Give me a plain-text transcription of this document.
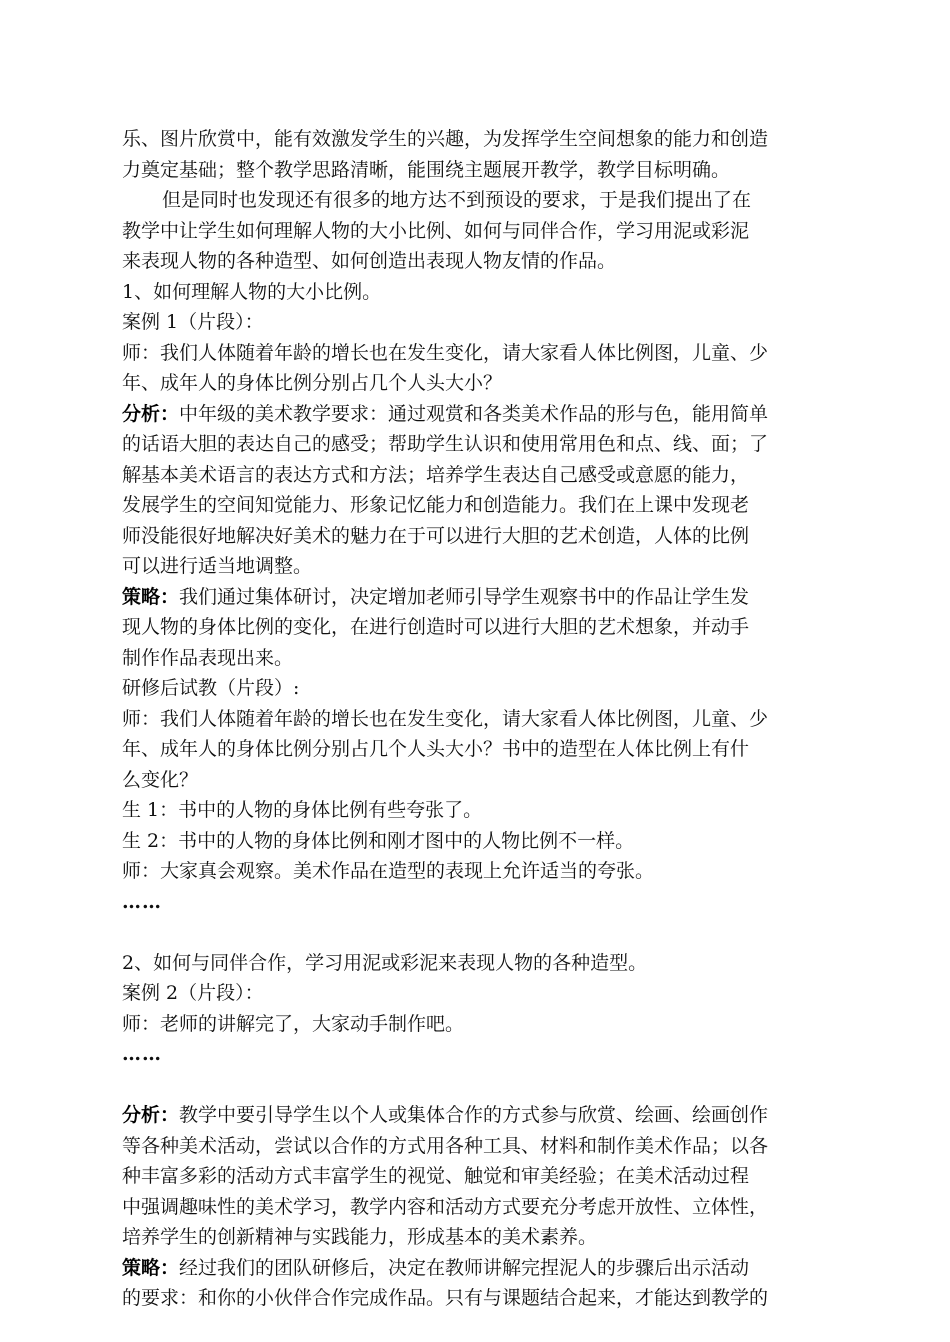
乐、图片欣赏中，能有效激发学生的兴趣，为发挥学生空间想象的能力和创造
力奠定基础；整个教学思路清晰，能围绕主题展开教学，教学目标明确。
但是同时也发现还有很多的地方达不到预设的要求，于是我们提出了在
教学中让学生如何理解人物的大小比例、如何与同伴合作，学习用泥或彩泥
来表现人物的各种造型、如何创造出表现人物友情的作品。
1、如何理解人物的大小比例。
案例 1（片段）：
师：我们人体随着年龄的增长也在发生变化，请大家看人体比例图，儿童、少
年、成年人的身体比例分别占几个人头大小？
分析：中年级的美术教学要求：通过观赏和各类美术作品的形与色，能用简单
的话语大胆的表达自己的感受；帮助学生认识和使用常用色和点、线、面；了
解基本美术语言的表达方式和方法；培养学生表达自己感受或意愿的能力，
发展学生的空间知觉能力、形象记忆能力和创造能力。我们在上课中发现老
师没能很好地解决好美术的魅力在于可以进行大胆的艺术创造，人体的比例
可以进行适当地调整。
策略：我们通过集体研讨，决定增加老师引导学生观察书中的作品让学生发
现人物的身体比例的变化，在进行创造时可以进行大胆的艺术想象，并动手
制作作品表现出来。
研修后试教（片段）:
师：我们人体随着年龄的增长也在发生变化，请大家看人体比例图，儿童、少
年、成年人的身体比例分别占几个人头大小？书中的造型在人体比例上有什
么变化？
生 1：书中的人物的身体比例有些夸张了。
生 2：书中的人物的身体比例和刚才图中的人物比例不一样。
师：大家真会观察。美术作品在造型的表现上允许适当的夸张。
……
2、如何与同伴合作，学习用泥或彩泥来表现人物的各种造型。
案例 2（片段）：
师：老师的讲解完了，大家动手制作吧。
……
分析：教学中要引导学生以个人或集体合作的方式参与欣赏、绘画、绘画创作
等各种美术活动，尝试以合作的方式用各种工具、材料和制作美术作品；以各
种丰富多彩的活动方式丰富学生的视觉、触觉和审美经验；在美术活动过程
中强调趣味性的美术学习，教学内容和活动方式要充分考虑开放性、立体性，
培养学生的创新精神与实践能力，形成基本的美术素养。
策略：经过我们的团队研修后，决定在教师讲解完捏泥人的步骤后出示活动
的要求：和你的小伙伴合作完成作品。只有与课题结合起来，才能达到教学的
